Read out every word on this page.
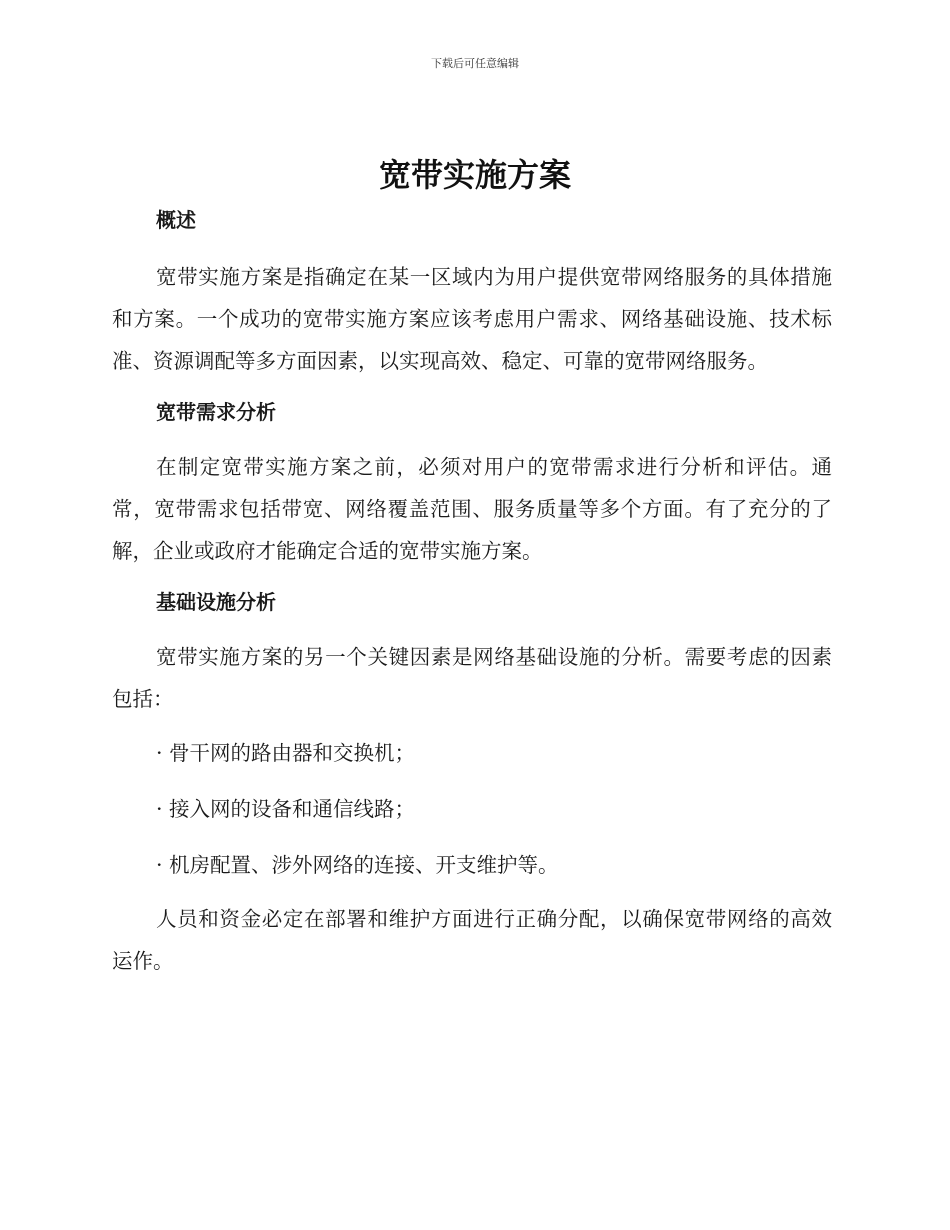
下载后可任意编辑
宽带实施方案
概述

宽带实施方案是指确定在某一区域内为用户提供宽带网络服务的具体措施和方案。一个成功的宽带实施方案应该考虑用户需求、网络基础设施、技术标准、资源调配等多方面因素，以实现高效、稳定、可靠的宽带网络服务。

宽带需求分析

在制定宽带实施方案之前，必须对用户的宽带需求进行分析和评估。通常，宽带需求包括带宽、网络覆盖范围、服务质量等多个方面。有了充分的了解，企业或政府才能确定合适的宽带实施方案。

基础设施分析

宽带实施方案的另一个关键因素是网络基础设施的分析。需要考虑的因素包括：

· 骨干网的路由器和交换机；

· 接入网的设备和通信线路；

· 机房配置、涉外网络的连接、开支维护等。

人员和资金必定在部署和维护方面进行正确分配，以确保宽带网络的高效运作。
